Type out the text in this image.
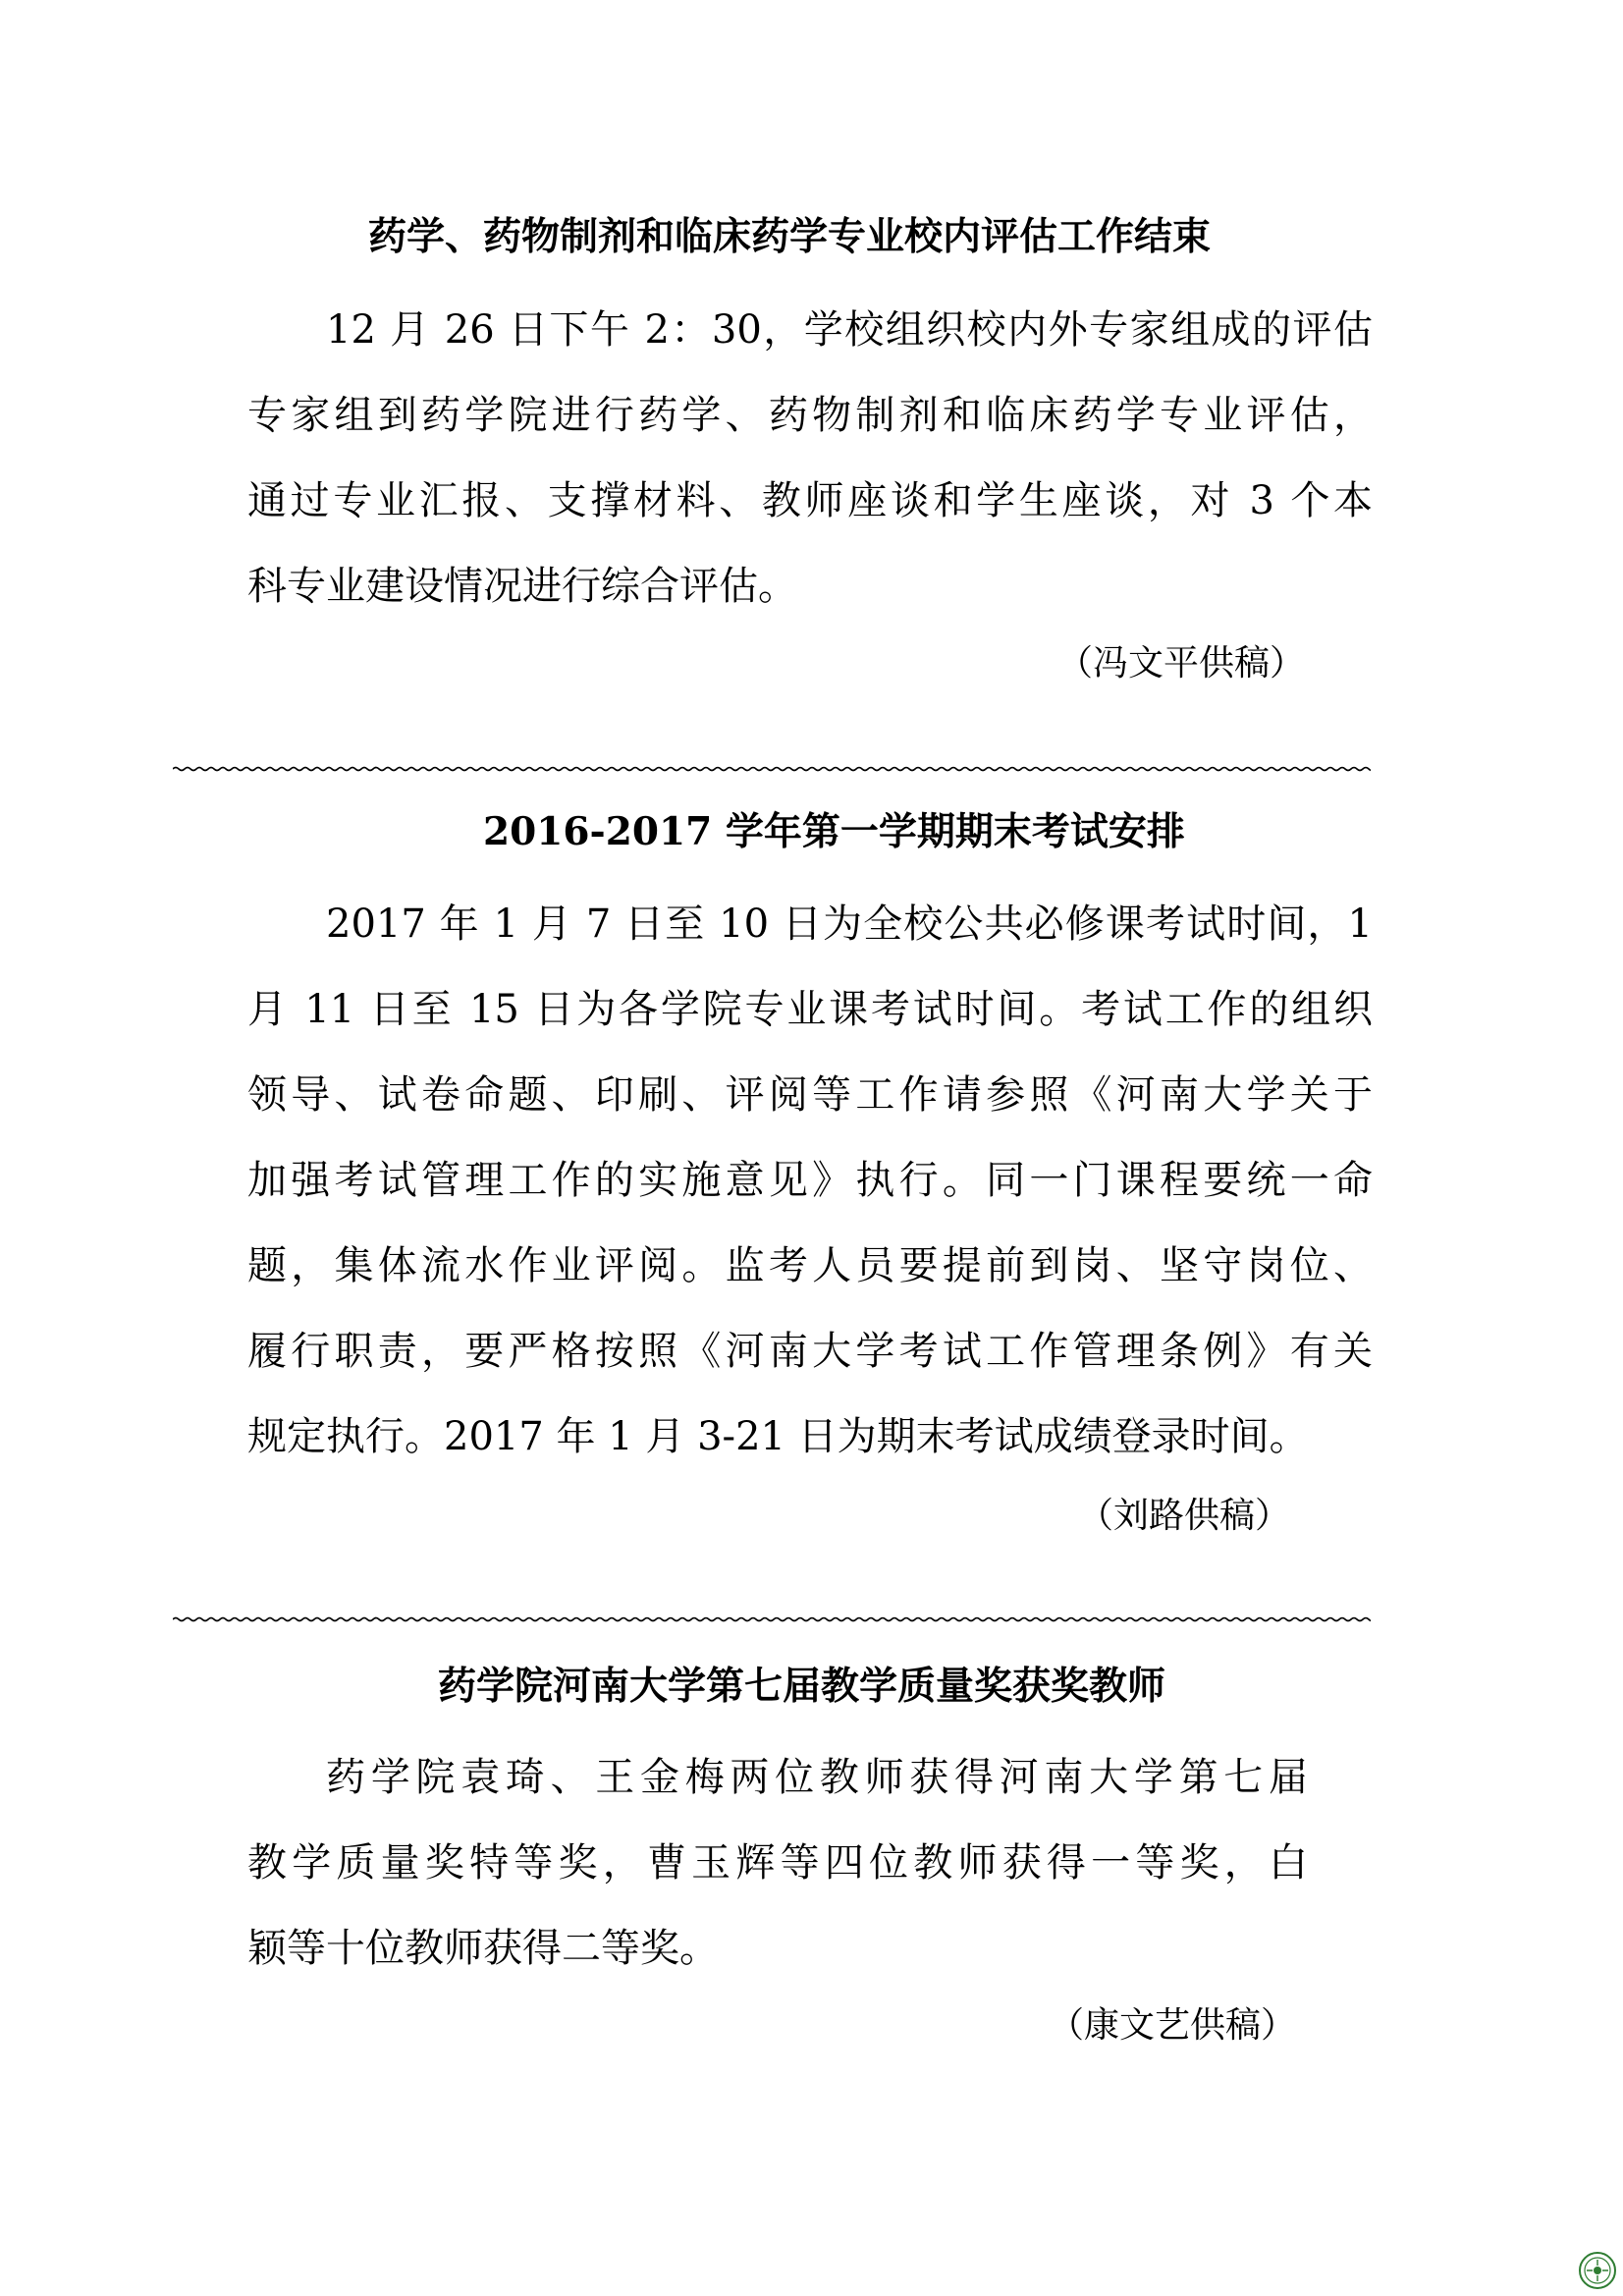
药学、药物制剂和临床药学专业校内评估工作结束
12 月 26 日下午 2：30，学校组织校内外专家组成的评估
专家组到药学院进行药学、药物制剂和临床药学专业评估，
通过专业汇报、支撑材料、教师座谈和学生座谈，对 3 个本
科专业建设情况进行综合评估。

（冯文平供稿）

2016-2017 学年第一学期期末考试安排
2017 年 1 月 7 日至 10 日为全校公共必修课考试时间，1
月 11 日至 15 日为各学院专业课考试时间。考试工作的组织
领导、试卷命题、印刷、评阅等工作请参照《河南大学关于
加强考试管理工作的实施意见》执行。同一门课程要统一命
题，集体流水作业评阅。监考人员要提前到岗、坚守岗位、
履行职责，要严格按照《河南大学考试工作管理条例》有关
规定执行。2017 年 1 月 3-21 日为期末考试成绩登录时间。

（刘路供稿）

药学院河南大学第七届教学质量奖获奖教师
药学院袁琦、王金梅两位教师获得河南大学第七届
教学质量奖特等奖，曹玉辉等四位教师获得一等奖，白
颖等十位教师获得二等奖。

（康文艺供稿）
